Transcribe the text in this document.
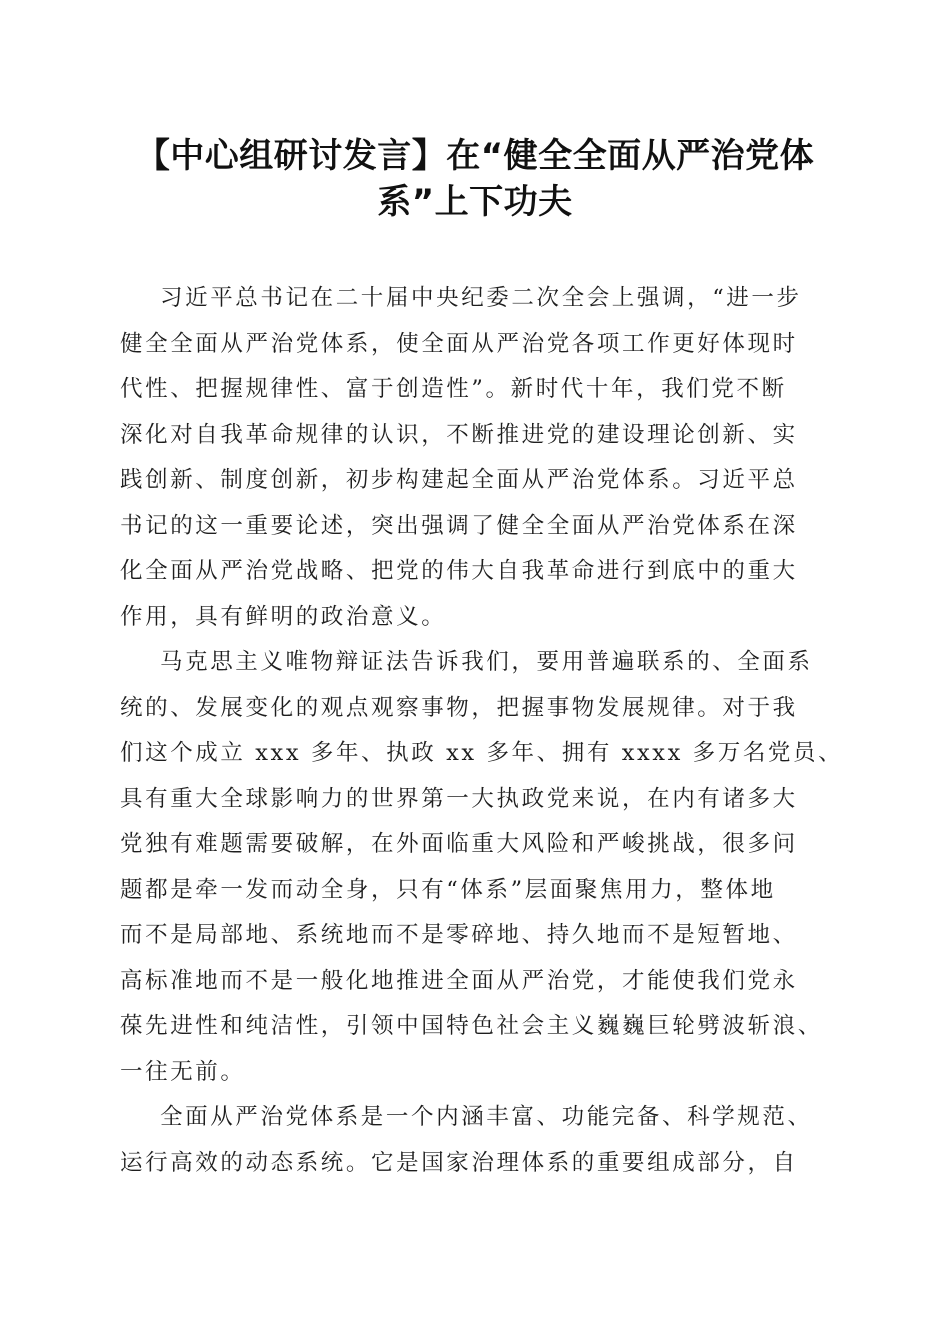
【中心组研讨发言】在“健全全面从严治党体
系”上下功夫
习近平总书记在二十届中央纪委二次全会上强调，“进一步
健全全面从严治党体系，使全面从严治党各项工作更好体现时
代性、把握规律性、富于创造性”。新时代十年，我们党不断
深化对自我革命规律的认识，不断推进党的建设理论创新、实
践创新、制度创新，初步构建起全面从严治党体系。习近平总
书记的这一重要论述，突出强调了健全全面从严治党体系在深
化全面从严治党战略、把党的伟大自我革命进行到底中的重大
作用，具有鲜明的政治意义。
马克思主义唯物辩证法告诉我们，要用普遍联系的、全面系
统的、发展变化的观点观察事物，把握事物发展规律。对于我
们这个成立 xxx 多年、执政 xx 多年、拥有 xxxx 多万名党员、
具有重大全球影响力的世界第一大执政党来说，在内有诸多大
党独有难题需要破解，在外面临重大风险和严峻挑战，很多问
题都是牵一发而动全身，只有“体系”层面聚焦用力，整体地
而不是局部地、系统地而不是零碎地、持久地而不是短暂地、
高标准地而不是一般化地推进全面从严治党，才能使我们党永
葆先进性和纯洁性，引领中国特色社会主义巍巍巨轮劈波斩浪、
一往无前。
全面从严治党体系是一个内涵丰富、功能完备、科学规范、
运行高效的动态系统。它是国家治理体系的重要组成部分，自
